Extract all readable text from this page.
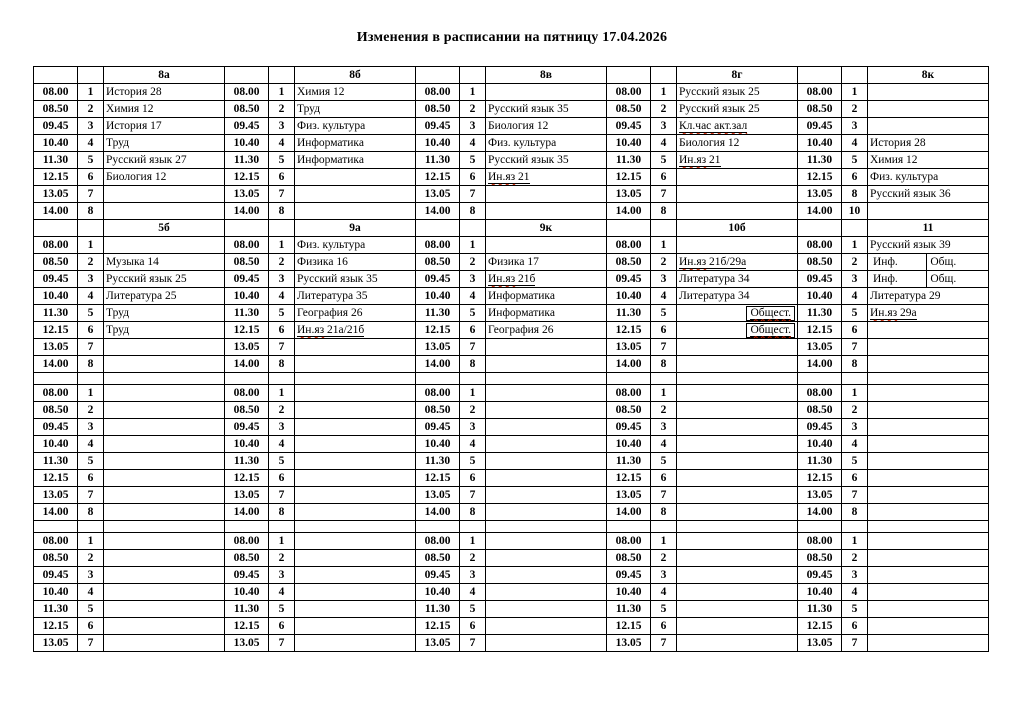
Изменения в расписании на пятницу 17.04.2026
		8а			8б			8в			8г			8к
08.00	1	История 28	08.00	1	Химия 12	08.00	1		08.00	1	Русский язык 25	08.00	1	
08.50	2	Химия 12	08.50	2	Труд	08.50	2	Русский язык 35	08.50	2	Русский язык 25	08.50	2	
09.45	3	История 17	09.45	3	Физ. культура	09.45	3	Биология 12	09.45	3	Кл.час акт.зал	09.45	3	
10.40	4	Труд	10.40	4	Информатика	10.40	4	Физ. культура	10.40	4	Биология 12	10.40	4	История 28
11.30	5	Русский язык 27	11.30	5	Информатика	11.30	5	Русский язык 35	11.30	5	Ин.яз 21	11.30	5	Химия 12
12.15	6	Биология 12	12.15	6		12.15	6	Ин.яз 21	12.15	6		12.15	6	Физ. культура
13.05	7		13.05	7		13.05	7		13.05	7		13.05	8	Русский язык 36
14.00	8		14.00	8		14.00	8		14.00	8		14.00	10	
		5б			9а			9к			10б			11
08.00	1		08.00	1	Физ. культура	08.00	1		08.00	1		08.00	1	Русский язык 39
08.50	2	Музыка 14	08.50	2	Физика 16	08.50	2	Физика 17	08.50	2	Ин.яз 21б/29а	08.50	2	Инф. Общ.

09.45	3	Русский язык 25	09.45	3	Русский язык 35	09.45	3	Ин.яз 21б	09.45	3	Литература 34	09.45	3	Инф. Общ.

10.40	4	Литература 25	10.40	4	Литература 35	10.40	4	Информатика	10.40	4	Литература 34	10.40	4	Литература 29
11.30	5	Труд	11.30	5	География 26	11.30	5	Информатика	11.30	5	Общест.	11.30	5	Ин.яз 29а
12.15	6	Труд	12.15	6	Ин.яз 21а/21б	12.15	6	География 26	12.15	6	Общест.	12.15	6	
13.05	7		13.05	7		13.05	7		13.05	7		13.05	7	
14.00	8		14.00	8		14.00	8		14.00	8		14.00	8	

08.00	1		08.00	1		08.00	1		08.00	1		08.00	1	
08.50	2		08.50	2		08.50	2		08.50	2		08.50	2	
09.45	3		09.45	3		09.45	3		09.45	3		09.45	3	
10.40	4		10.40	4		10.40	4		10.40	4		10.40	4	
11.30	5		11.30	5		11.30	5		11.30	5		11.30	5	
12.15	6		12.15	6		12.15	6		12.15	6		12.15	6	
13.05	7		13.05	7		13.05	7		13.05	7		13.05	7	
14.00	8		14.00	8		14.00	8		14.00	8		14.00	8	

08.00	1		08.00	1		08.00	1		08.00	1		08.00	1	
08.50	2		08.50	2		08.50	2		08.50	2		08.50	2	
09.45	3		09.45	3		09.45	3		09.45	3		09.45	3	
10.40	4		10.40	4		10.40	4		10.40	4		10.40	4	
11.30	5		11.30	5		11.30	5		11.30	5		11.30	5	
12.15	6		12.15	6		12.15	6		12.15	6		12.15	6	
13.05	7		13.05	7		13.05	7		13.05	7		13.05	7	
